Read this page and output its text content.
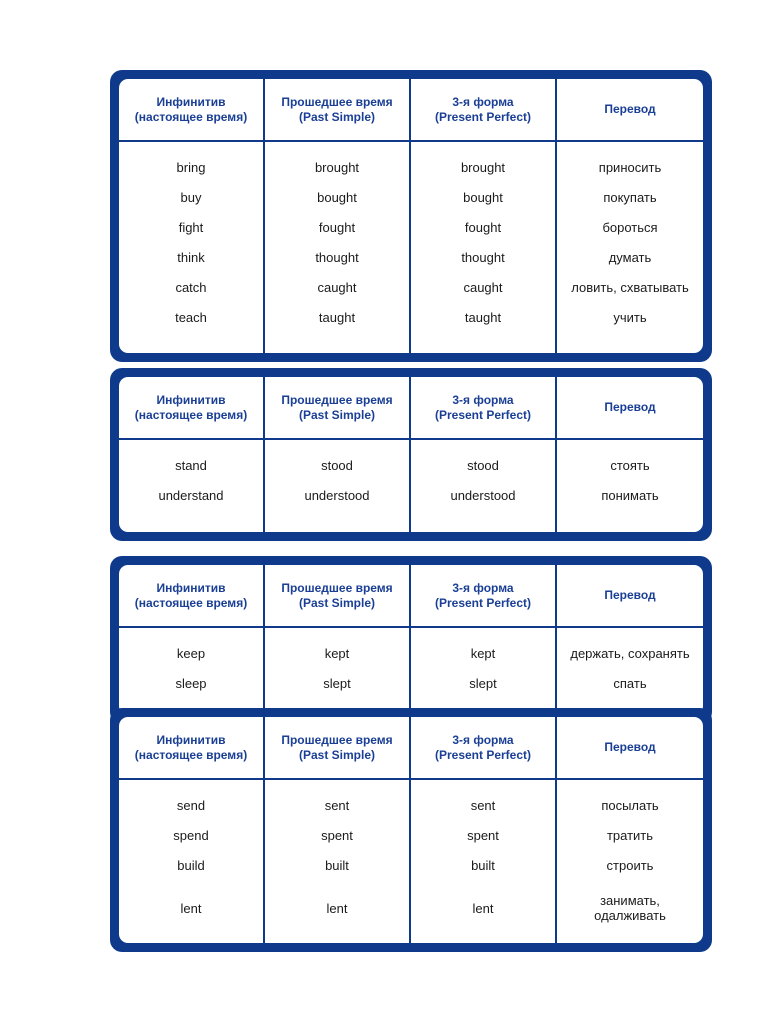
Инфинитив
(настоящее время)
Прошедшее время
(Past Simple)
3-я форма
(Present Perfect)
Перевод
bring
buy
fight
think
catch
teach
brought
bought
fought
thought
caught
taught
brought
bought
fought
thought
caught
taught
приносить
покупать
бороться
думать
ловить, схватывать
учить
Инфинитив
(настоящее время)
Прошедшее время
(Past Simple)
3-я форма
(Present Perfect)
Перевод
stand
understand
stood
understood
stood
understood
стоять
понимать
Инфинитив
(настоящее время)
Прошедшее время
(Past Simple)
3-я форма
(Present Perfect)
Перевод
keep
sleep
kept
slept
kept
slept
держать, сохранять
спать
Инфинитив
(настоящее время)
Прошедшее время
(Past Simple)
3-я форма
(Present Perfect)
Перевод
send
spend
build
lent
sent
spent
built
lent
sent
spent
built
lent
посылать
тратить
строить
занимать,
одалживать
